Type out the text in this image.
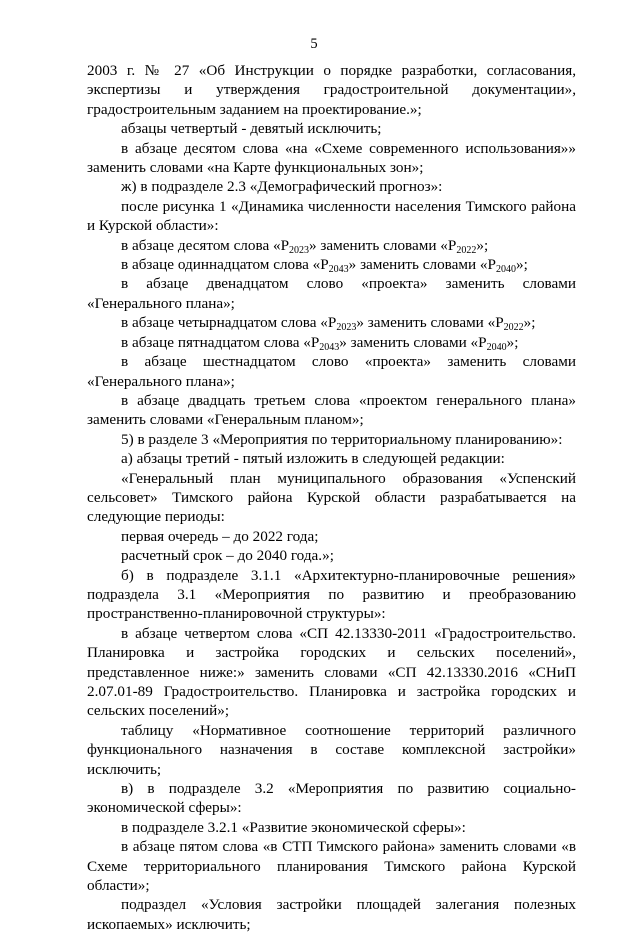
5

2003 г. № 27 «Об Инструкции о порядке разработки, согласования,
экспертизы и утверждения градостроительной документации»,
градостроительным заданием на проектирование.»;

абзацы четвертый - девятый исключить;

в абзаце десятом слова «на «Схеме современного использования»» заменить словами «на Карте функциональных зон»;

ж) в подразделе 2.3 «Демографический прогноз»:

после рисунка 1 «Динамика численности населения Тимского района и Курской области»:

в абзаце десятом слова «$Р_{2023}$» заменить словами «$Р_{2022}$»;

в абзаце одиннадцатом слова «$Р_{2043}$» заменить словами «$Р_{2040}$»;

в абзаце двенадцатом слово «проекта» заменить словами «Генерального плана»;

в абзаце четырнадцатом слова «$Р_{2023}$» заменить словами «$Р_{2022}$»;

в абзаце пятнадцатом слова «$Р_{2043}$» заменить словами «$Р_{2040}$»;

в абзаце шестнадцатом слово «проекта» заменить словами «Генерального плана»;

в абзаце двадцать третьем слова «проектом генерального плана» заменить словами «Генеральным планом»;

5) в разделе 3 «Мероприятия по территориальному планированию»:

а) абзацы третий - пятый изложить в следующей редакции:

«Генеральный план муниципального образования «Успенский сельсовет» Тимского района Курской области разрабатывается на следующие периоды:

первая очередь – до 2022 года;

расчетный срок – до 2040 года.»;

б) в подразделе 3.1.1 «Архитектурно-планировочные решения» подраздела 3.1 «Мероприятия по развитию и преобразованию пространственно-планировочной структуры»:

в абзаце четвертом слова «СП 42.13330-2011 «Градостроительство. Планировка и застройка городских и сельских поселений», представленное ниже:» заменить словами «СП 42.13330.2016 «СНиП 2.07.01-89 Градостроительство. Планировка и застройка городских и сельских поселений»;

таблицу «Нормативное соотношение территорий различного функционального назначения в составе комплексной застройки» исключить;

в) в подразделе 3.2 «Мероприятия по развитию социально-экономической сферы»:

в подразделе 3.2.1 «Развитие экономической сферы»:

в абзаце пятом слова «в СТП Тимского района» заменить словами «в Схеме территориального планирования Тимского района Курской области»;

подраздел «Условия застройки площадей залегания полезных ископаемых» исключить;
